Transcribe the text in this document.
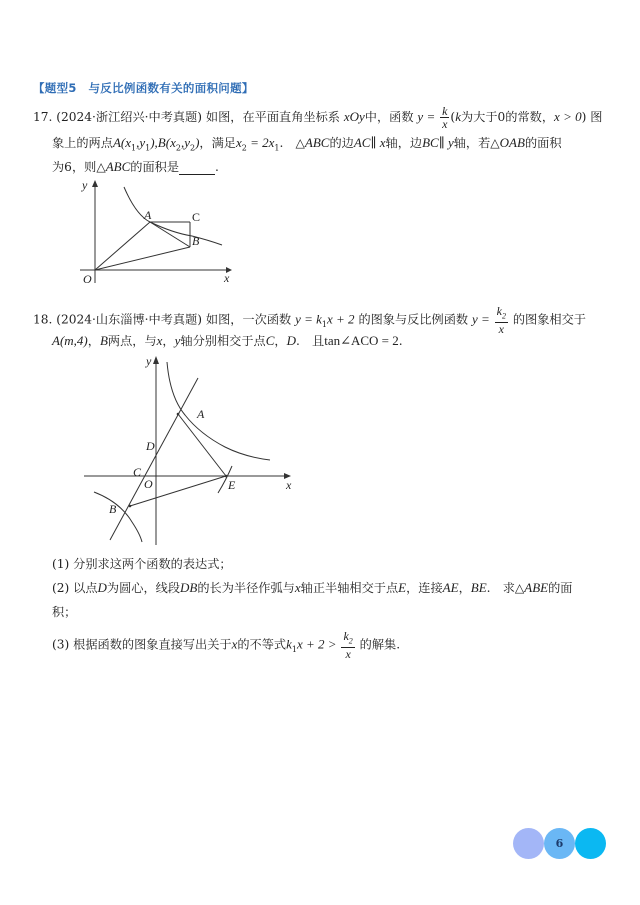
【题型5　与反比例函数有关的面积问题】
17. (2024·浙江绍兴·中考真题) 如图，在平面直角坐标系 xOy中，函数 $y = \frac{k}{x} (k$为大于0的常数，x > 0) 图
象上的两点$A(x_1,y_1),B(x_2,y_2)$，满足$x_2 = 2x_1$.　△ABC的边AC∥ x轴，边BC∥ y轴，若△OAB的面积
为6，则△ABC的面积是	.
y
x
O
A	C
B
18. (2024·山东淄博·中考真题) 如图，一次函数 $y = k_1x + 2$ 的图象与反比例函数 $y = \frac{k_2}{x}$ 的图象相交于
A(m,4)，B两点，与x，y轴分别相交于点C，D.　且tan∠ACO = 2.
y
x
O
A
D
C
B
E
(1) 分别求这两个函数的表达式；
(2) 以点D为圆心，线段DB的长为半径作弧与x轴正半轴相交于点E，连接AE，BE.　求△ABE的面
积；
(3) 根据函数的图象直接写出关于x的不等式$k_1x + 2 > \frac{k_2}{x}$ 的解集.
6
